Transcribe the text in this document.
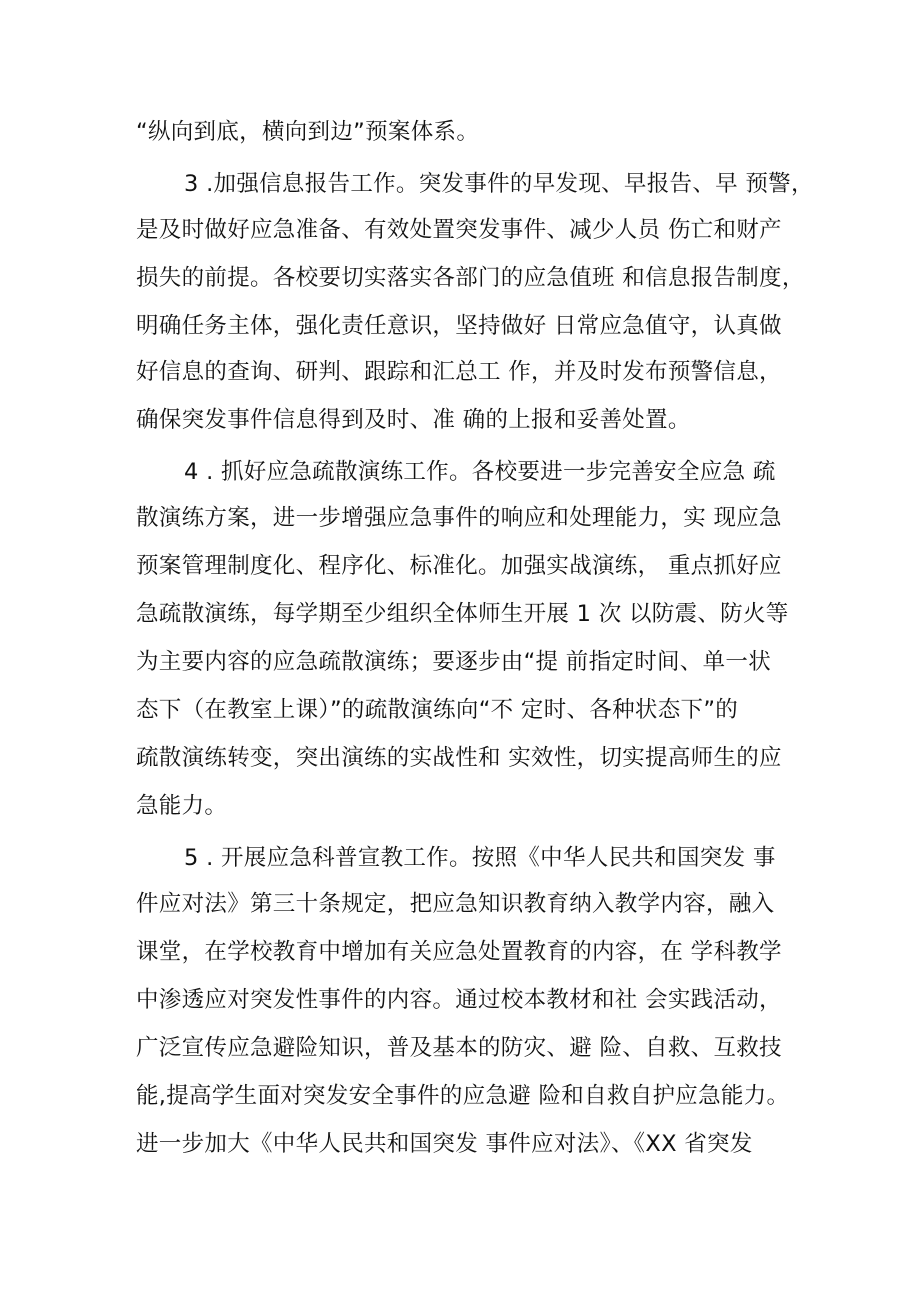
“纵向到底，横向到边”预案体系。
3 .加强信息报告工作。突发事件的早发现、早报告、早 预警，
是及时做好应急准备、有效处置突发事件、减少人员 伤亡和财产
损失的前提。各校要切实落实各部门的应急值班 和信息报告制度，
明确任务主体，强化责任意识，坚持做好 日常应急值守，认真做
好信息的查询、研判、跟踪和汇总工 作，并及时发布预警信息，
确保突发事件信息得到及时、准 确的上报和妥善处置。
4 . 抓好应急疏散演练工作。各校要进一步完善安全应急 疏
散演练方案，进一步增强应急事件的响应和处理能力，实 现应急
预案管理制度化、程序化、标准化。加强实战演练， 重点抓好应
急疏散演练，每学期至少组织全体师生开展 1 次 以防震、防火等
为主要内容的应急疏散演练；要逐步由“提 前指定时间、单一状
态下（在教室上课）”的疏散演练向“不 定时、各种状态下”的
疏散演练转变，突出演练的实战性和 实效性，切实提高师生的应
急能力。
5 . 开展应急科普宣教工作。按照《中华人民共和国突发 事
件应对法》第三十条规定，把应急知识教育纳入教学内容，融入
课堂，在学校教育中增加有关应急处置教育的内容，在 学科教学
中渗透应对突发性事件的内容。通过校本教材和社 会实践活动，
广泛宣传应急避险知识，普及基本的防灾、避 险、自救、互救技
能,提高学生面对突发安全事件的应急避 险和自救自护应急能力。
进一步加大《中华人民共和国突发 事件应对法》、《XX 省突发
